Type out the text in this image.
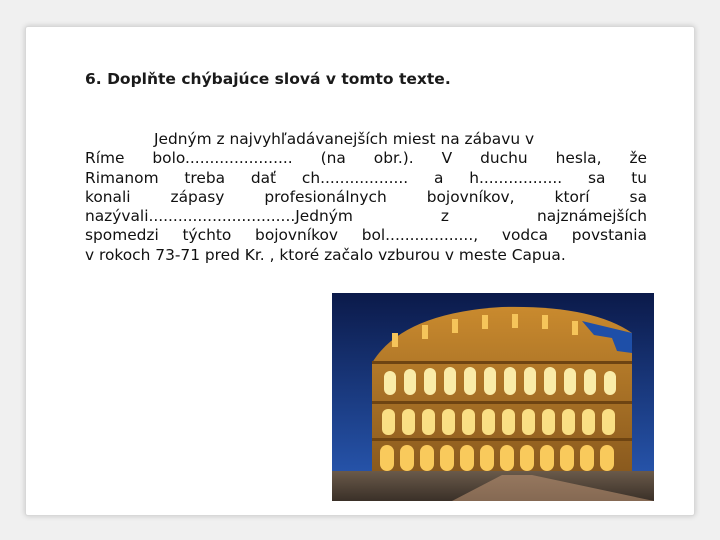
6. Doplňte chýbajúce slová v tomto texte.
Jedným z najvyhľadávanejších miest na zábavu v
Ríme bolo...................... (na obr.). V duchu hesla, že
Rimanom treba dať ch.................. a h................. sa tu
konali zápasy profesionálnych bojovníkov, ktorí sa
nazývali..............................Jedným z najznámejších
spomedzi týchto bojovníkov bol.................., vodca povstania
v rokoch 73-71 pred Kr. , ktoré začalo vzburou v meste Capua.
